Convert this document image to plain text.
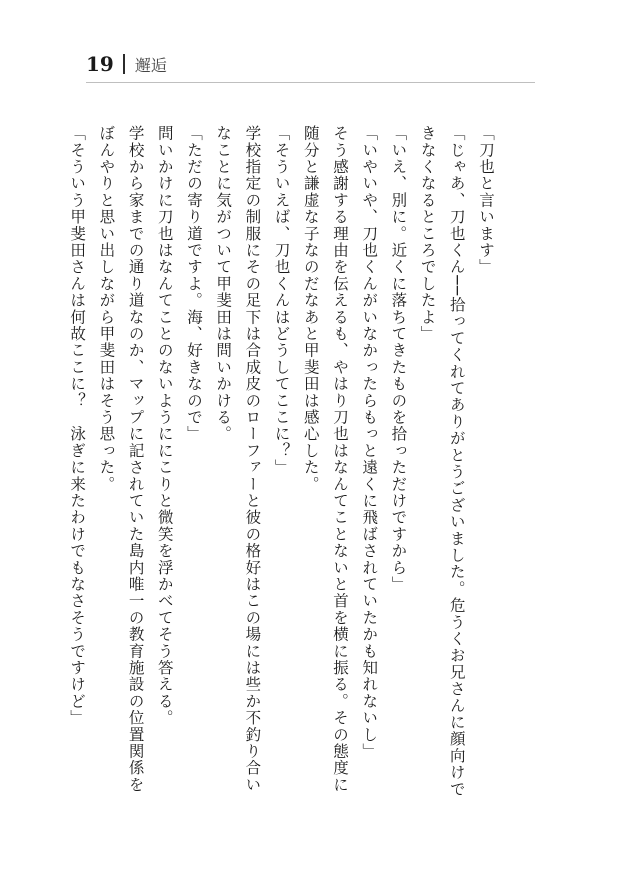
19 邂逅
「刀也と言います」
「じゃあ、刀也くん──拾ってくれてありがとうございました。危うくお兄さんに顔向けで
きなくなるところでしたよ」
「いえ、別に。近くに落ちてきたものを拾っただけですから」
「いやいや、刀也くんがいなかったらもっと遠くに飛ばされていたかも知れないし」
そう感謝する理由を伝えるも、やはり刀也はなんてことないと首を横に振る。その態度に
随分と謙虚な子なのだなあと甲斐田は感心した。
「そういえば、刀也くんはどうしてここに？」
学校指定の制服にその足下は合成皮のローファーと彼の格好はこの場には些か不釣り合い
なことに気がついて甲斐田は問いかける。
「ただの寄り道ですよ。海、好きなので」
問いかけに刀也はなんてことのないようににこりと微笑を浮かべてそう答える。
学校から家までの通り道なのか、マップに記されていた島内唯一の教育施設の位置関係を
ぼんやりと思い出しながら甲斐田はそう思った。
「そういう甲斐田さんは何故ここに？　泳ぎに来たわけでもなさそうですけど」
